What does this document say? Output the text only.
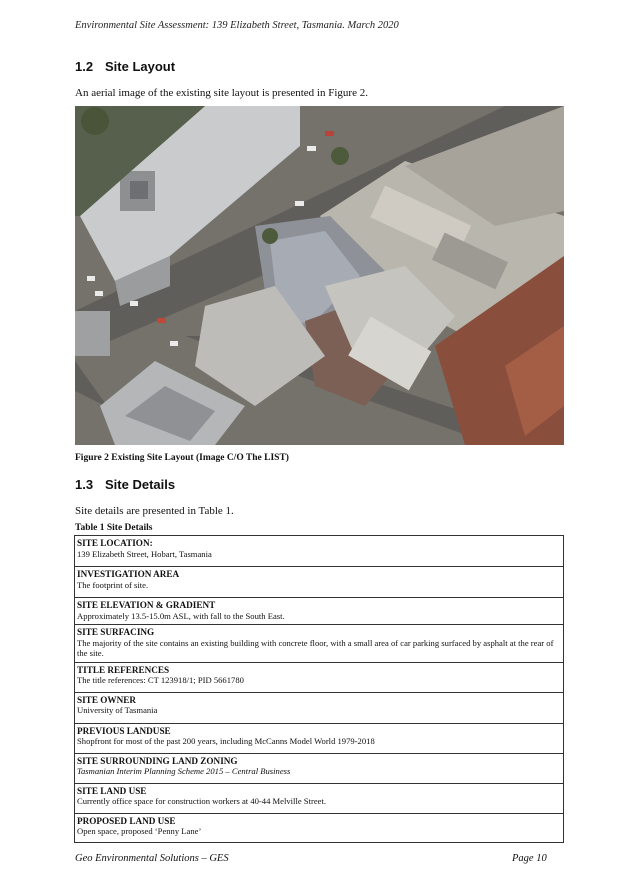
Environmental Site Assessment: 139 Elizabeth Street, Tasmania. March 2020
1.2 Site Layout
An aerial image of the existing site layout is presented in Figure 2.
Figure 2 Existing Site Layout (Image C/O The LIST)
1.3 Site Details
Site details are presented in Table 1.
Table 1 Site Details
SITE LOCATION:
139 Elizabeth Street, Hobart, Tasmania

INVESTIGATION AREA
The footprint of site.

SITE ELEVATION & GRADIENT
Approximately 13.5-15.0m ASL, with fall to the South East.

SITE SURFACING
The majority of the site contains an existing building with concrete floor, with a small area of car parking surfaced by asphalt at the rear of the site.

TITLE REFERENCES
The title references: CT 123918/1; PID 5661780

SITE OWNER
University of Tasmania

PREVIOUS LANDUSE
Shopfront for most of the past 200 years, including McCanns Model World 1979-2018

SITE SURROUNDING LAND ZONING
Tasmanian Interim Planning Scheme 2015 – Central Business

SITE LAND USE
Currently office space for construction workers at 40-44 Melville Street.

PROPOSED LAND USE
Open space, proposed ‘Penny Lane’
Geo Environmental Solutions – GES	Page 10
